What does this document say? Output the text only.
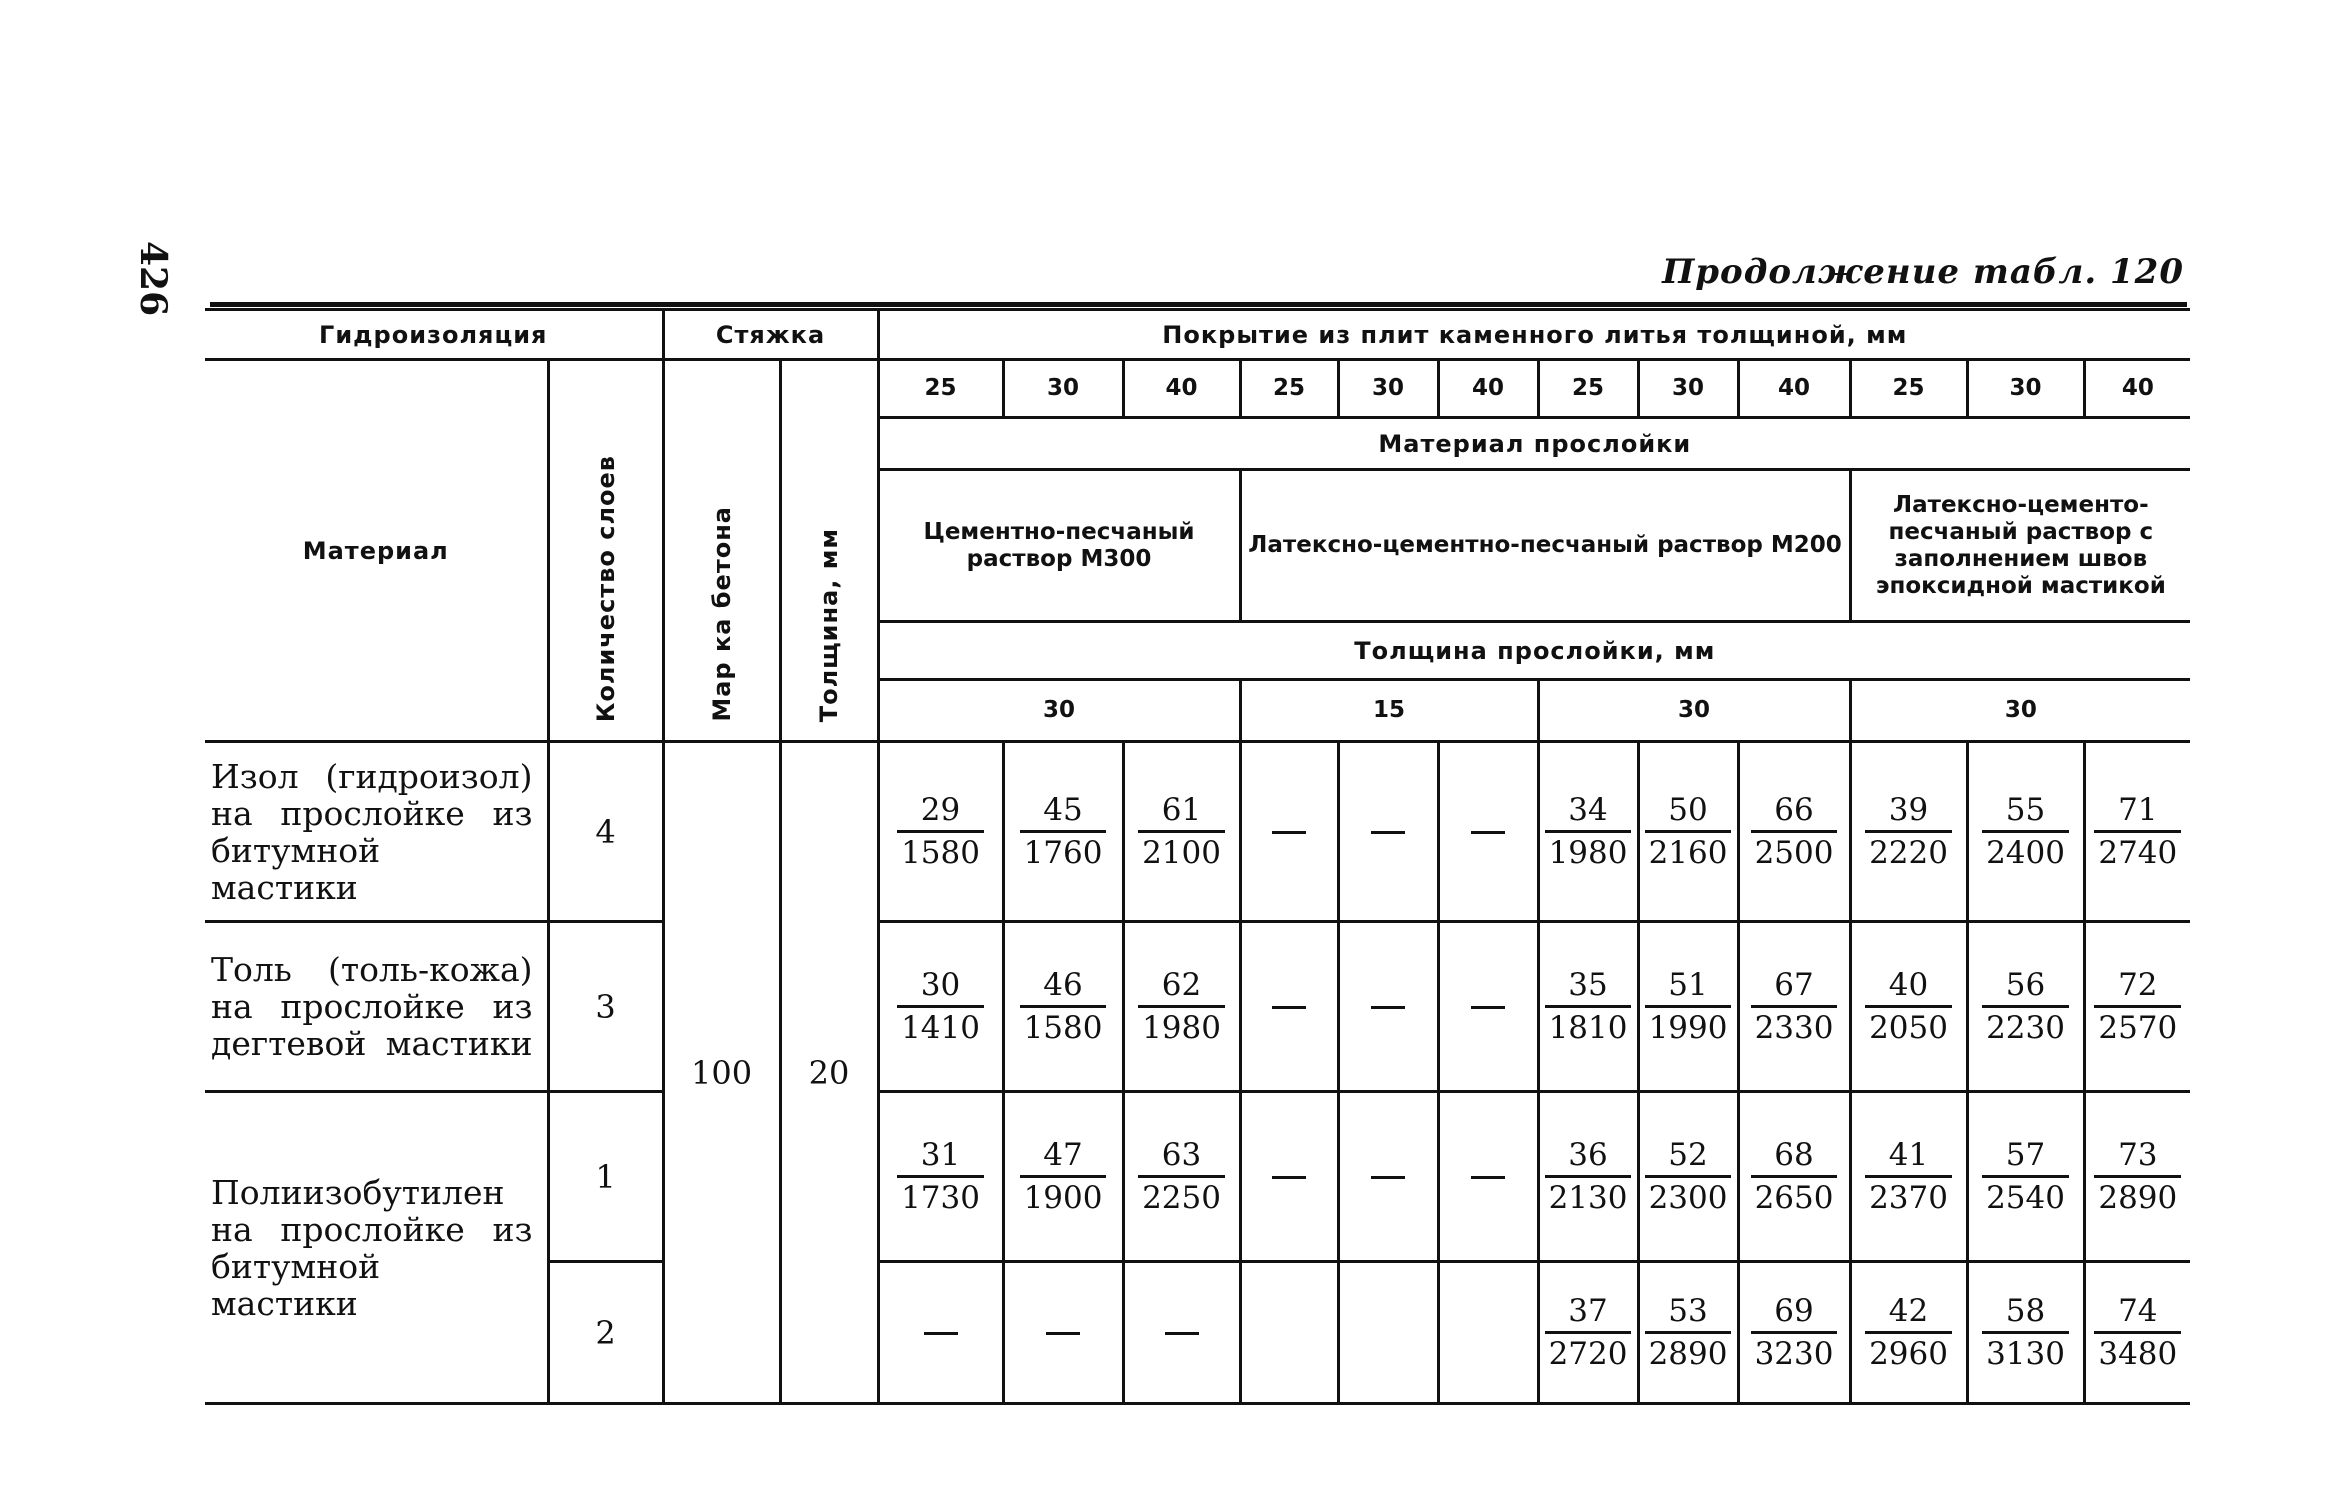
426	Продолжение табл. 120
Гидроизоляция		Стяжка		Покрытие из плит каменного литья толщиной, мм											
Материал	Количество слоев	Мар ка бетона	Толщина, мм	25	30	40	25	30	40	25	30	40	25	30	40
				Материал прослойки											
				Цементно-песчаный раствор М300			Латексно-цементно-песчаный раствор М200						Латексно-цементо-песчаный раствор с заполнением швов эпоксидной мастикой		
				Толщина прослойки, мм											
				30			15			30			30		
Изол (гидроизол) на прослойке из битумной мастики	4	100	20	$\frac{29}{1580}$	$\frac{45}{1760}$	$\frac{61}{2100}$				$\frac{34}{1980}$	$\frac{50}{2160}$	$\frac{66}{2500}$	$\frac{39}{2220}$	$\frac{55}{2400}$	$\frac{71}{2740}$

Толь (толь-кожа) на прослойке из дегтевой мастики	3			$\frac{30}{1410}$	$\frac{46}{1580}$	$\frac{62}{1980}$				$\frac{35}{1810}$	$\frac{51}{1990}$	$\frac{67}{2330}$	$\frac{40}{2050}$	$\frac{56}{2230}$	$\frac{72}{2570}$

Полиизобутилен на прослойке из битумной мастики	1			$\frac{31}{1730}$	$\frac{47}{1900}$	$\frac{63}{2250}$				$\frac{36}{2130}$	$\frac{52}{2300}$	$\frac{68}{2650}$	$\frac{41}{2370}$	$\frac{57}{2540}$	$\frac{73}{2890}$

	2									$\frac{37}{2720}$	$\frac{53}{2890}$	$\frac{69}{3230}$	$\frac{42}{2960}$	$\frac{58}{3130}$	$\frac{74}{3480}$
